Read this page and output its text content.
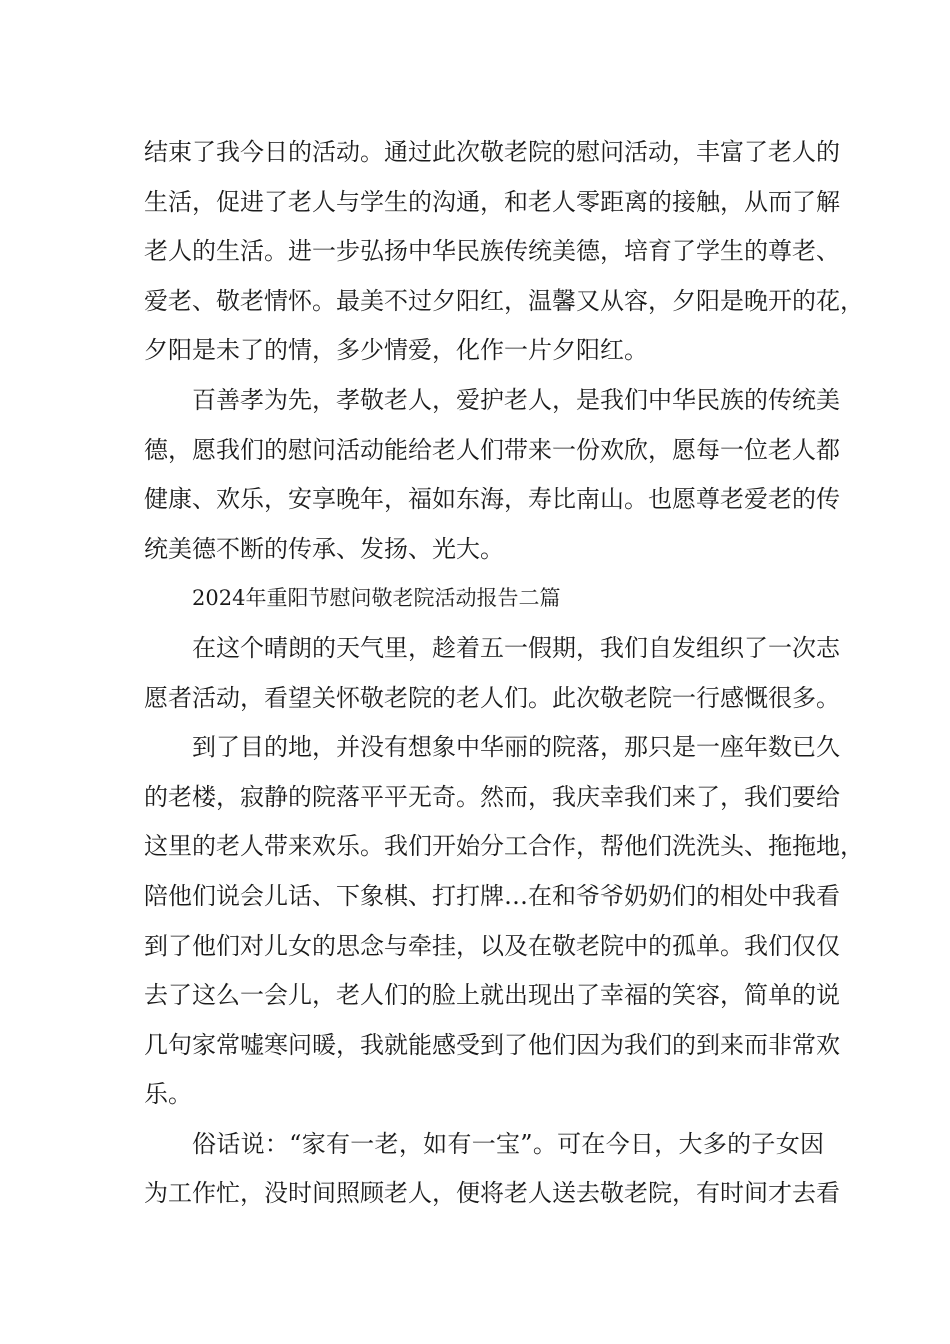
结束了我今日的活动。通过此次敬老院的慰问活动，丰富了老人的
生活，促进了老人与学生的沟通，和老人零距离的接触，从而了解
老人的生活。进一步弘扬中华民族传统美德，培育了学生的尊老、
爱老、敬老情怀。最美不过夕阳红，温馨又从容，夕阳是晚开的花，
夕阳是未了的情，多少情爱，化作一片夕阳红。
百善孝为先，孝敬老人，爱护老人，是我们中华民族的传统美
德，愿我们的慰问活动能给老人们带来一份欢欣，愿每一位老人都
健康、欢乐，安享晚年，福如东海，寿比南山。也愿尊老爱老的传
统美德不断的传承、发扬、光大。
2024年重阳节慰问敬老院活动报告二篇
在这个晴朗的天气里，趁着五一假期，我们自发组织了一次志
愿者活动，看望关怀敬老院的老人们。此次敬老院一行感慨很多。
到了目的地，并没有想象中华丽的院落，那只是一座年数已久
的老楼，寂静的院落平平无奇。然而，我庆幸我们来了，我们要给
这里的老人带来欢乐。我们开始分工合作，帮他们洗洗头、拖拖地，
陪他们说会儿话、下象棋、打打牌…在和爷爷奶奶们的相处中我看
到了他们对儿女的思念与牵挂，以及在敬老院中的孤单。我们仅仅
去了这么一会儿，老人们的脸上就出现出了幸福的笑容，简单的说
几句家常嘘寒问暖，我就能感受到了他们因为我们的到来而非常欢
乐。
俗话说：“家有一老，如有一宝”。可在今日，大多的子女因
为工作忙，没时间照顾老人，便将老人送去敬老院，有时间才去看
